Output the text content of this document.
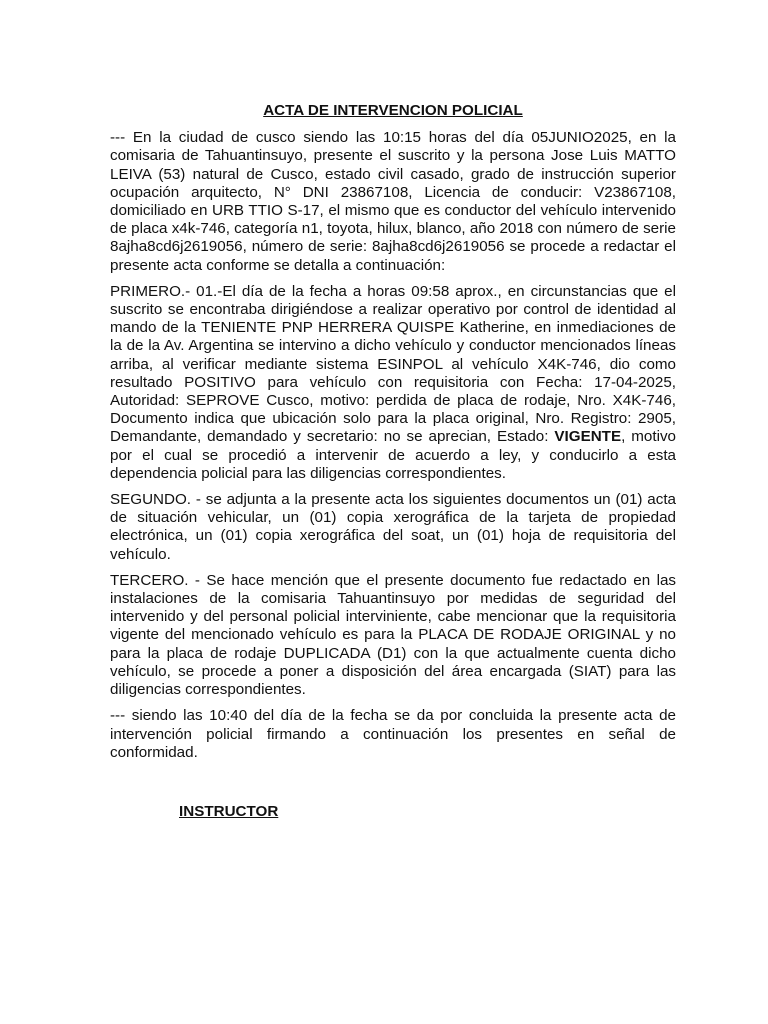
ACTA DE INTERVENCION POLICIAL

--- En la ciudad de cusco siendo las 10:15 horas del día 05JUNIO2025, en la comisaria de Tahuantinsuyo, presente el suscrito y la persona Jose Luis MATTO LEIVA (53) natural de Cusco, estado civil casado, grado de instrucción superior ocupación arquitecto, N° DNI 23867108, Licencia de conducir: V23867108, domiciliado en URB TTIO S-17, el mismo que es conductor del vehículo intervenido de placa x4k-746, categoría n1, toyota, hilux, blanco, año 2018 con número de serie 8ajha8cd6j2619056, número de serie: 8ajha8cd6j2619056 se procede a redactar el presente acta conforme se detalla a continuación:

PRIMERO.- 01.-El día de la fecha a horas 09:58 aprox., en circunstancias que el suscrito se encontraba dirigiéndose a realizar operativo por control de identidad al mando de la TENIENTE PNP HERRERA QUISPE Katherine, en inmediaciones de la de la Av. Argentina se intervino a dicho vehículo y conductor mencionados líneas arriba, al verificar mediante sistema ESINPOL al vehículo X4K-746, dio como resultado POSITIVO para vehículo con requisitoria con Fecha: 17-04-2025, Autoridad: SEPROVE Cusco, motivo: perdida de placa de rodaje, Nro. X4K-746, Documento indica que ubicación solo para la placa original, Nro. Registro: 2905, Demandante, demandado y secretario: no se aprecian, Estado: VIGENTE, motivo por el cual se procedió a intervenir de acuerdo a ley, y conducirlo a esta dependencia policial para las diligencias correspondientes.

SEGUNDO. - se adjunta a la presente acta los siguientes documentos un (01) acta de situación vehicular, un (01) copia xerográfica de la tarjeta de propiedad electrónica, un (01) copia xerográfica del soat, un (01) hoja de requisitoria del vehículo.

TERCERO. - Se hace mención que el presente documento fue redactado en las instalaciones de la comisaria Tahuantinsuyo por medidas de seguridad del intervenido y del personal policial interviniente, cabe mencionar que la requisitoria vigente del mencionado vehículo es para la PLACA DE RODAJE ORIGINAL y no para la placa de rodaje DUPLICADA (D1) con la que actualmente cuenta dicho vehículo, se procede a poner a disposición del área encargada (SIAT) para las diligencias correspondientes.

--- siendo las 10:40 del día de la fecha se da por concluida la presente acta de intervención policial firmando a continuación los presentes en señal de conformidad.

INSTRUCTOR
